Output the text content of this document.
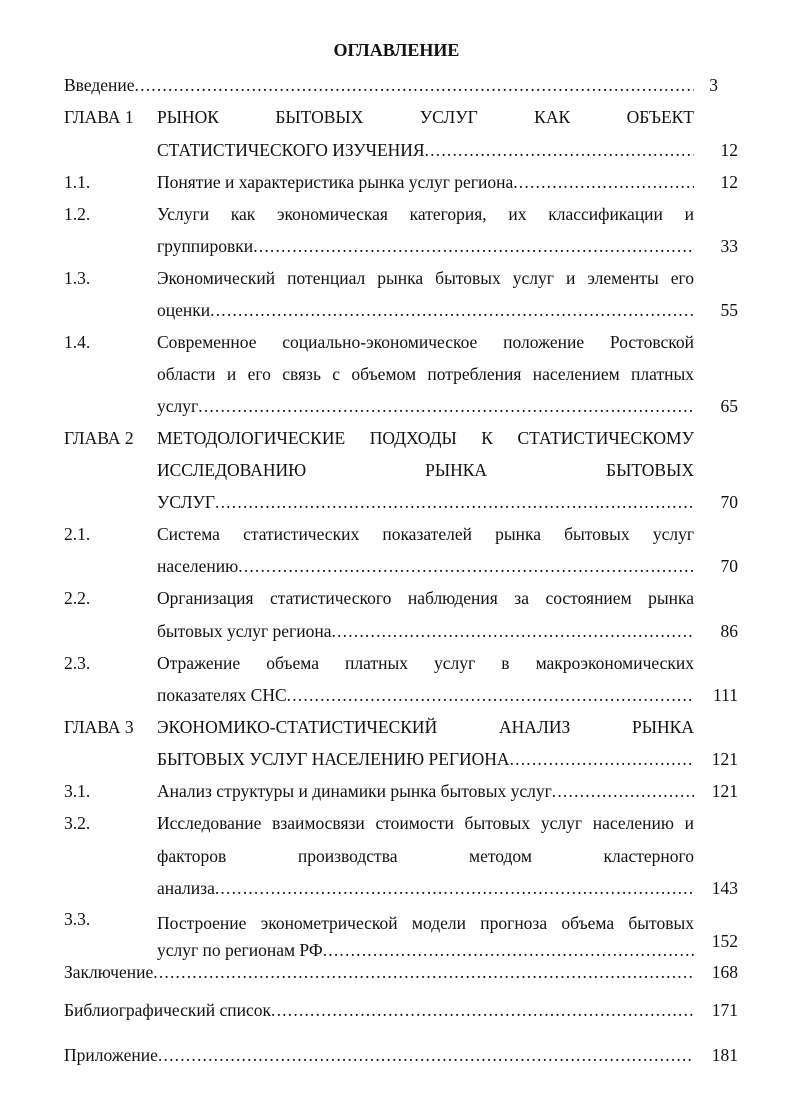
ОГЛАВЛЕНИЕ
Введение .....	3
ГЛАВА 1 РЫНОК БЫТОВЫХ УСЛУГ КАК ОБЪЕКТ
СТАТИСТИЧЕСКОГО ИЗУЧЕНИЯ .....	12
1.1.	Понятие и характеристика рынка услуг региона .....	12
1.2.	Услуги как экономическая категория, их классификации и
группировки .....	33
1.3.	Экономический потенциал рынка бытовых услуг и элементы его
оценки .....	55
1.4.	Современное социально-экономическое положение Ростовской
области и его связь с объемом потребления населением платных
услуг .....	65
ГЛАВА 2 МЕТОДОЛОГИЧЕСКИЕ ПОДХОДЫ К СТАТИСТИЧЕСКОМУ
ИССЛЕДОВАНИЮ РЫНКА БЫТОВЫХ
УСЛУГ .....	70
2.1.	Система статистических показателей рынка бытовых услуг
населению .....	70
2.2.	Организация статистического наблюдения за состоянием рынка
бытовых услуг региона .....	86
2.3.	Отражение объема платных услуг в макроэкономических
показателях СНС .....	111
ГЛАВА 3 ЭКОНОМИКО-СТАТИСТИЧЕСКИЙ АНАЛИЗ РЫНКА
БЫТОВЫХ УСЛУГ НАСЕЛЕНИЮ РЕГИОНА .....	121
3.1.	Анализ структуры и динамики рынка бытовых услуг .....	121
3.2.	Исследование взаимосвязи стоимости бытовых услуг населению и
факторов производства методом кластерного
анализа .....	143
3.3.	Построение эконометрической модели прогноза объема бытовых
услуг по регионам РФ .....	152
Заключение .....	168
Библиографический список .....	171
Приложение .....	181
